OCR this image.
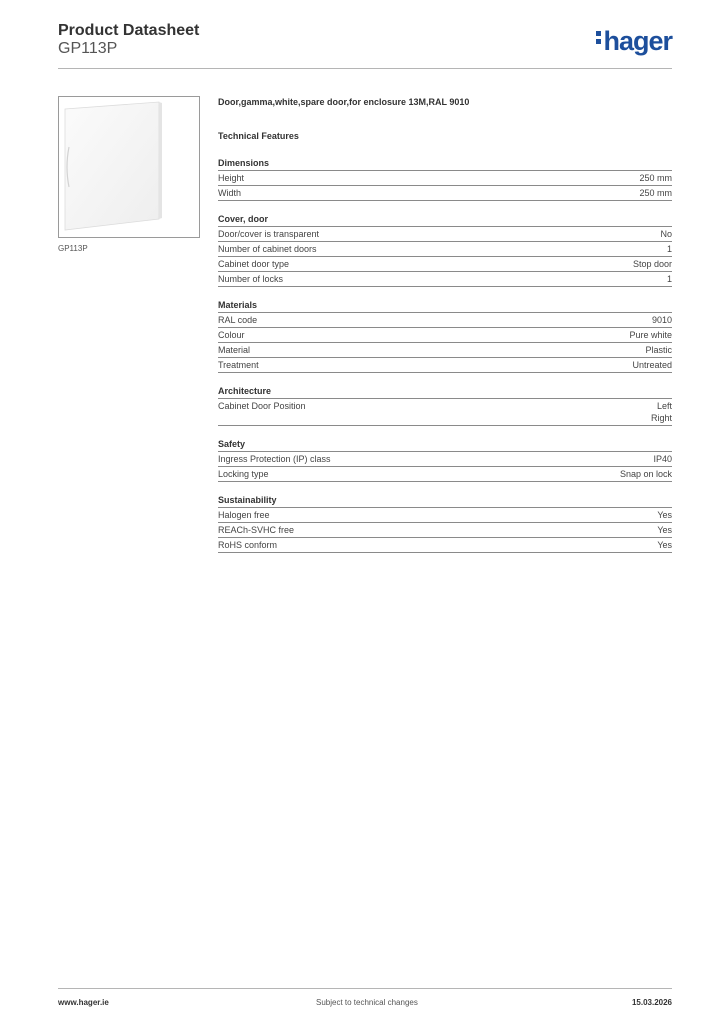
Product Datasheet
GP113P	hager
GP113P
Door,gamma,white,spare door,for enclosure 13M,RAL 9010
Technical Features
Dimensions
Height	250 mm
Width	250 mm
Cover, door
Door/cover is transparent	No
Number of cabinet doors	1
Cabinet door type	Stop door
Number of locks	1
Materials
RAL code	9010
Colour	Pure white
Material	Plastic
Treatment	Untreated
Architecture
Cabinet Door Position	Left
Right
Safety
Ingress Protection (IP) class	IP40
Locking type	Snap on lock
Sustainability
Halogen free	Yes
REACh-SVHC free	Yes
RoHS conform	Yes
www.hager.ie	Subject to technical changes	15.03.2026
